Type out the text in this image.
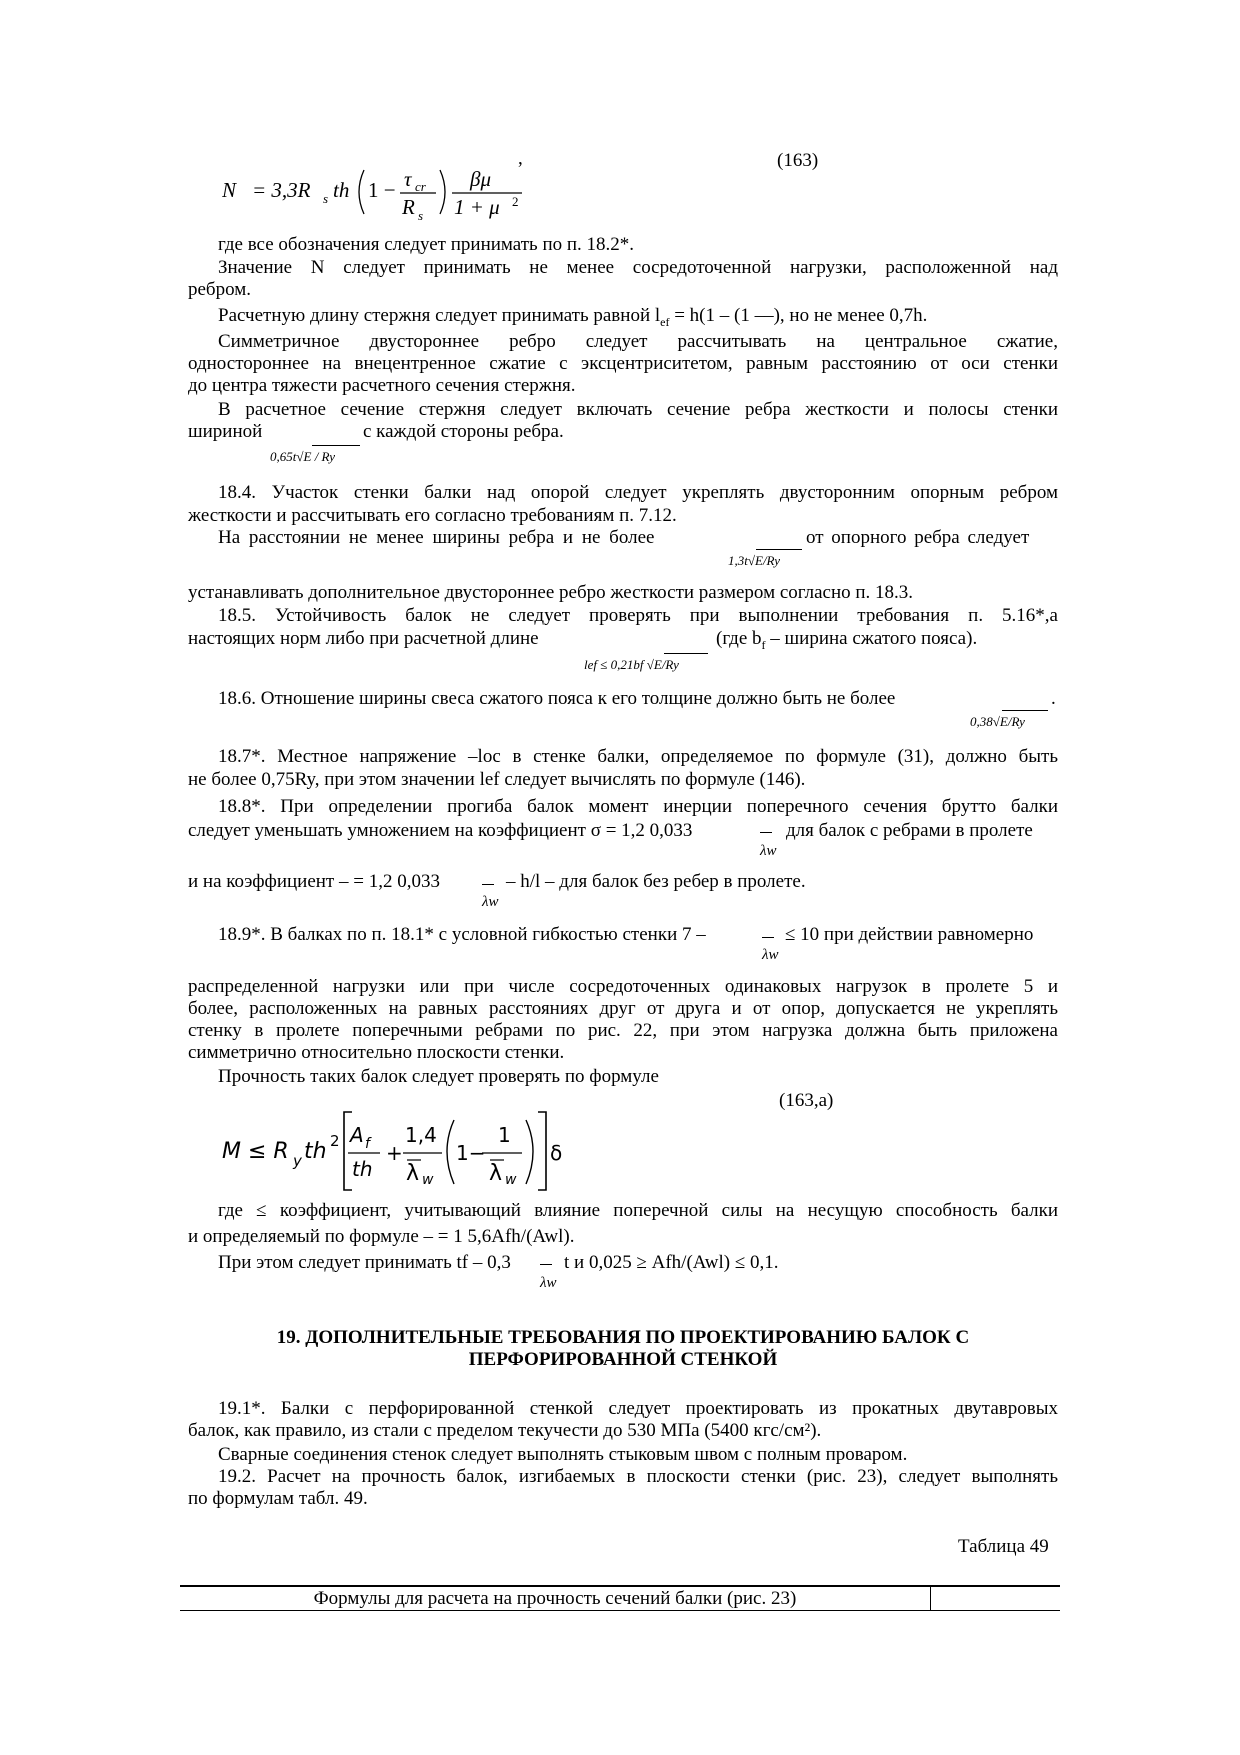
N = 3,3R s th 1 − τ cr
R s
βμ
1 + μ 2
,	(163)
где все обозначения следует принимать по п. 18.2*.
Значение N следует принимать не менее сосредоточенной нагрузки, расположенной над
ребром.
Расчетную длину стержня следует принимать равной $l_{ef} = h(1 - (1$ –‒), но не менее 0,7h.
Симметричное двустороннее ребро следует рассчитывать на центральное сжатие,
одностороннее на внецентренное сжатие с эксцентриситетом, равным расстоянию от оси стенки
до центра тяжести расчетного сечения стержня.
В расчетное сечение стержня следует включать сечение ребра жесткости и полосы стенки
шириной	с каждой стороны ребра.
0,65t√E / Ry
18.4. Участок стенки балки над опорой следует укреплять двусторонним опорным ребром
жесткости и рассчитывать его согласно требованиям п. 7.12.
На расстоянии не менее ширины ребра и не более	от опорного ребра следует
1,3t√E/Ry
устанавливать дополнительное двустороннее ребро жесткости размером согласно п. 18.3.
18.5. Устойчивость балок не следует проверять при выполнении требования п. 5.16*,а
настоящих норм либо при расчетной длине	(где $b_f$ – ширина сжатого пояса).
lef ≤ 0,21bf √E/Ry
18.6. Отношение ширины свеса сжатого пояса к его толщине должно быть не более	.
0,38√E/Ry
18.7*. Местное напряжение ‒loc в стенке балки, определяемое по формуле (31), должно быть
не более 0,75Ry, при этом значении lef следует вычислять по формуле (146).
18.8*. При определении прогиба балок момент инерции поперечного сечения брутто балки
следует уменьшать умножением на коэффициент σ = 1,2 0,033	для балок с ребрами в пролете
λw
и на коэффициент ‒ = 1,2 0,033	– h/l – для балок без ребер в пролете.
λw
18.9*. В балках по п. 18.1* с условной гибкостью стенки 7 ‒	≤ 10 при действии равномерно
λw
распределенной нагрузки или при числе сосредоточенных одинаковых нагрузок в пролете 5 и
более, расположенных на равных расстояниях друг от друга и от опор, допускается не укреплять
стенку в пролете поперечными ребрами по рис. 22, при этом нагрузка должна быть приложена
симметрично относительно плоскости стенки.
Прочность таких балок следует проверять по формуле
(163,а)
M ≤ R y th 2 A f
th
+
1,4
λ w
1−
1
λ w
δ
где ≤ коэффициент, учитывающий влияние поперечной силы на несущую способность балки
и определяемый по формуле ‒ = 1 5,6Afh/(Awl).
При этом следует принимать tf ‒ 0,3	t и 0,025 ≥ Afh/(Awl) ≤ 0,1.
λw
19. ДОПОЛНИТЕЛЬНЫЕ ТРЕБОВАНИЯ ПО ПРОЕКТИРОВАНИЮ БАЛОК С
ПЕРФОРИРОВАННОЙ СТЕНКОЙ
19.1*. Балки с перфорированной стенкой следует проектировать из прокатных двутавровых
балок, как правило, из стали с пределом текучести до 530 МПа (5400 кгс/см²).
Сварные соединения стенок следует выполнять стыковым швом с полным проваром.
19.2. Расчет на прочность балок, изгибаемых в плоскости стенки (рис. 23), следует выполнять
по формулам табл. 49.
Таблица 49
Формулы для расчета на прочность сечений балки (рис. 23)
